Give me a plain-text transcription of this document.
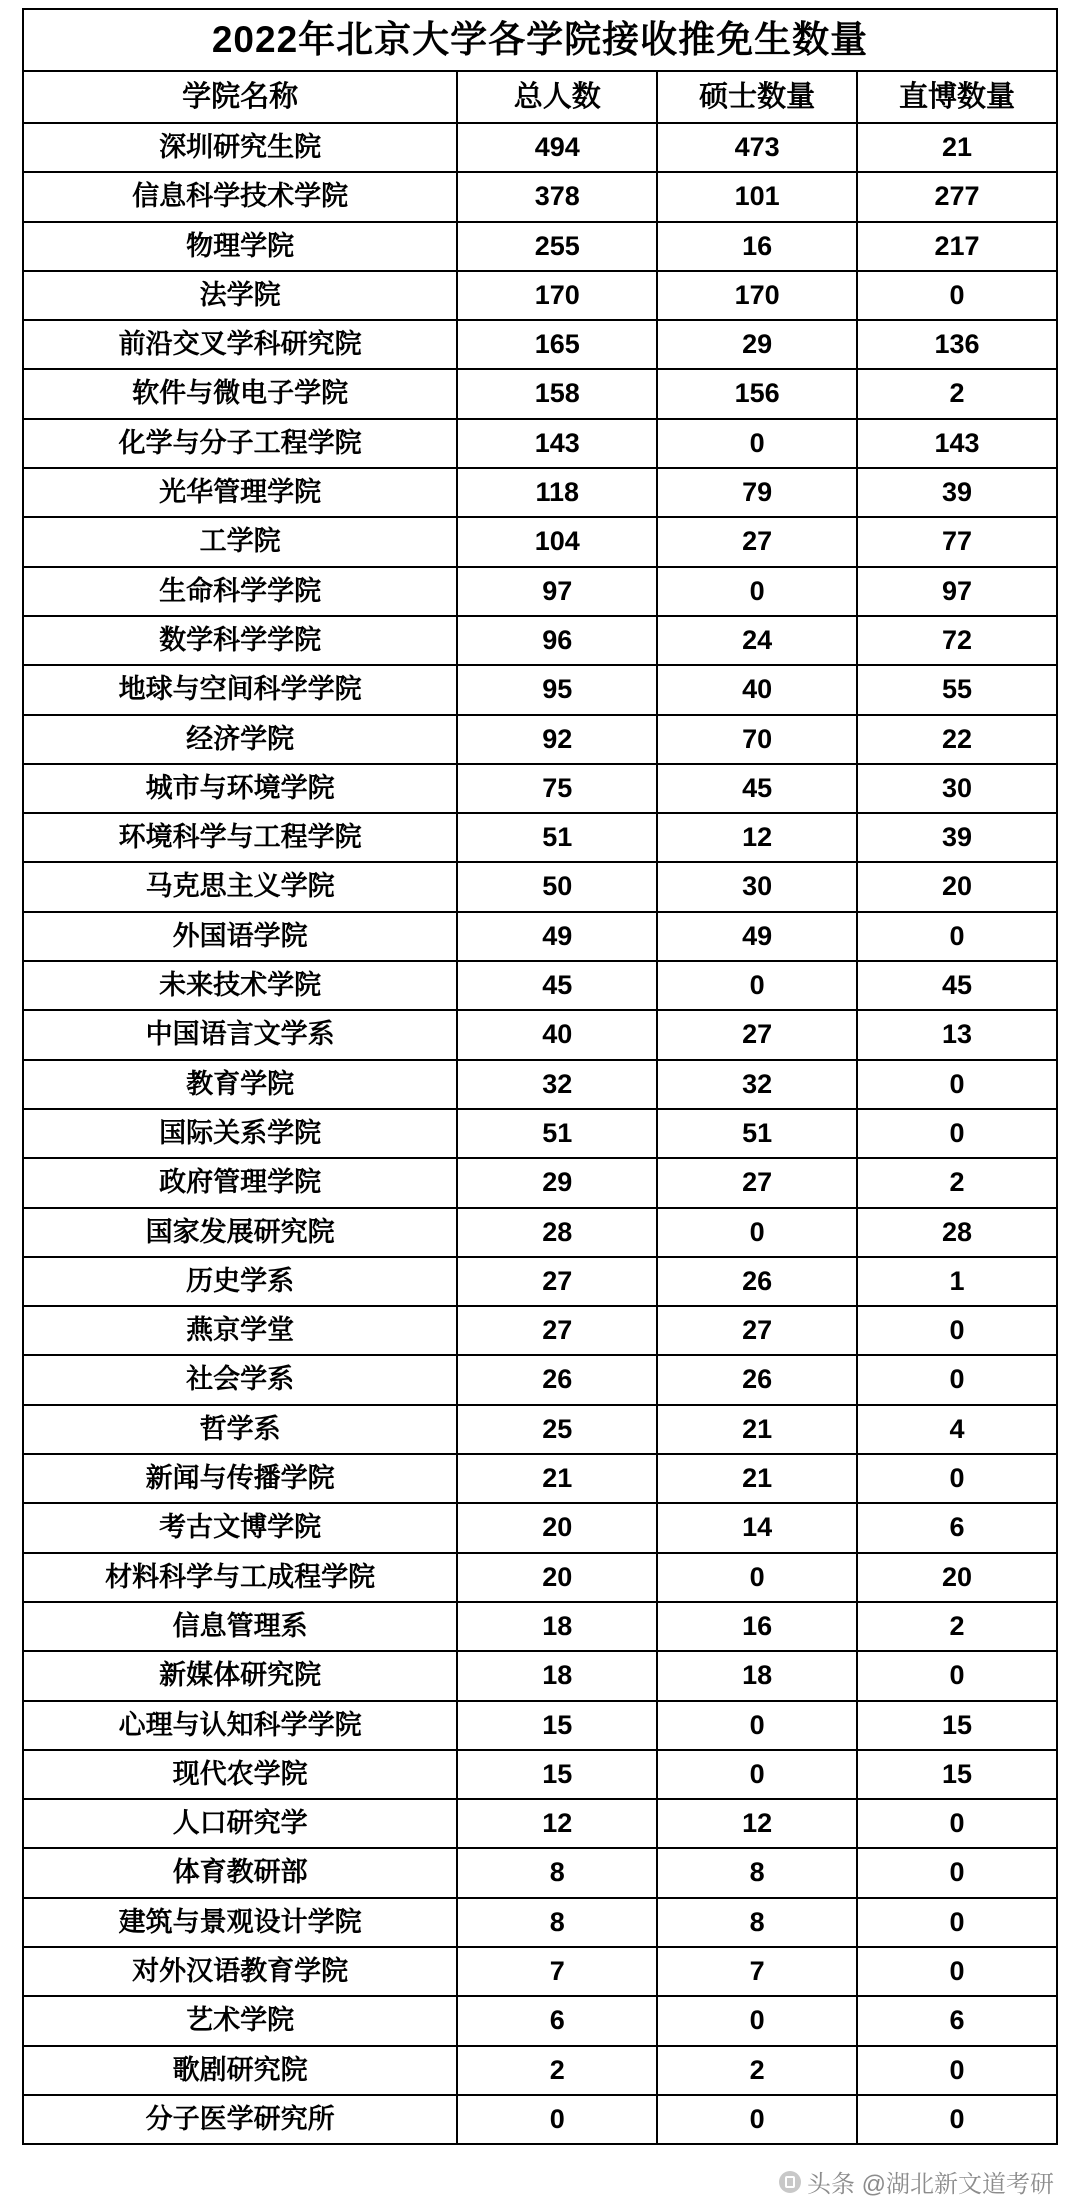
2022年北京大学各学院接收推免生数量			
学院名称	总人数	硕士数量	直博数量
深圳研究生院	494	473	21
信息科学技术学院	378	101	277
物理学院	255	16	217
法学院	170	170	0
前沿交叉学科研究院	165	29	136
软件与微电子学院	158	156	2
化学与分子工程学院	143	0	143
光华管理学院	118	79	39
工学院	104	27	77
生命科学学院	97	0	97
数学科学学院	96	24	72
地球与空间科学学院	95	40	55
经济学院	92	70	22
城市与环境学院	75	45	30
环境科学与工程学院	51	12	39
马克思主义学院	50	30	20
外国语学院	49	49	0
未来技术学院	45	0	45
中国语言文学系	40	27	13
教育学院	32	32	0
国际关系学院	51	51	0
政府管理学院	29	27	2
国家发展研究院	28	0	28
历史学系	27	26	1
燕京学堂	27	27	0
社会学系	26	26	0
哲学系	25	21	4
新闻与传播学院	21	21	0
考古文博学院	20	14	6
材料科学与工成程学院	20	0	20
信息管理系	18	16	2
新媒体研究院	18	18	0
心理与认知科学学院	15	0	15
现代农学院	15	0	15
人口研究学	12	12	0
体育教研部	8	8	0
建筑与景观设计学院	8	8	0
对外汉语教育学院	7	7	0
艺术学院	6	0	6
歌剧研究院	2	2	0
分子医学研究所	0	0	0
头条 @湖北新文道考研
